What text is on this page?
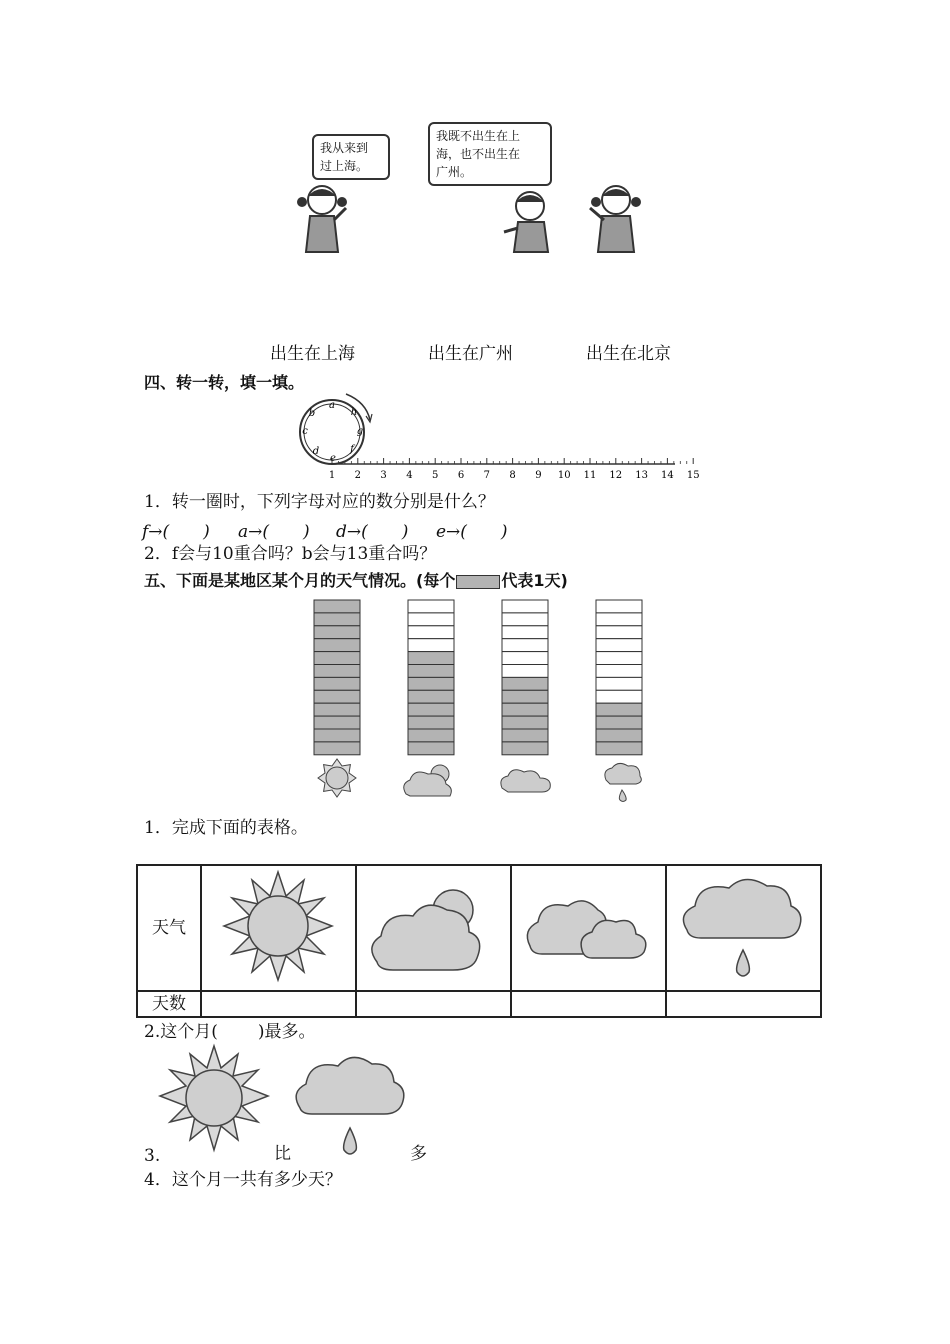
我从来到
过上海。
我既不出生在上
海，也不出生在
广州。
出生在上海	出生在广州	出生在北京
四、转一转，填一填。
a
b
c
d
e
f
g
h
1 2 3 4 5 6 7 8 9 10 11 12 13 14 15
1．转一圈时，下列字母对应的数分别是什么？
f→(　　) a→(　　) d→(　　) e→(　　)
2．f会与10重合吗？b会与13重合吗？
五、下面是某地区某个月的天气情况。(每个	代表1天)
1．完成下面的表格。
天气				
天数				
2.这个月( )最多。
3.	比	多
4．这个月一共有多少天？
